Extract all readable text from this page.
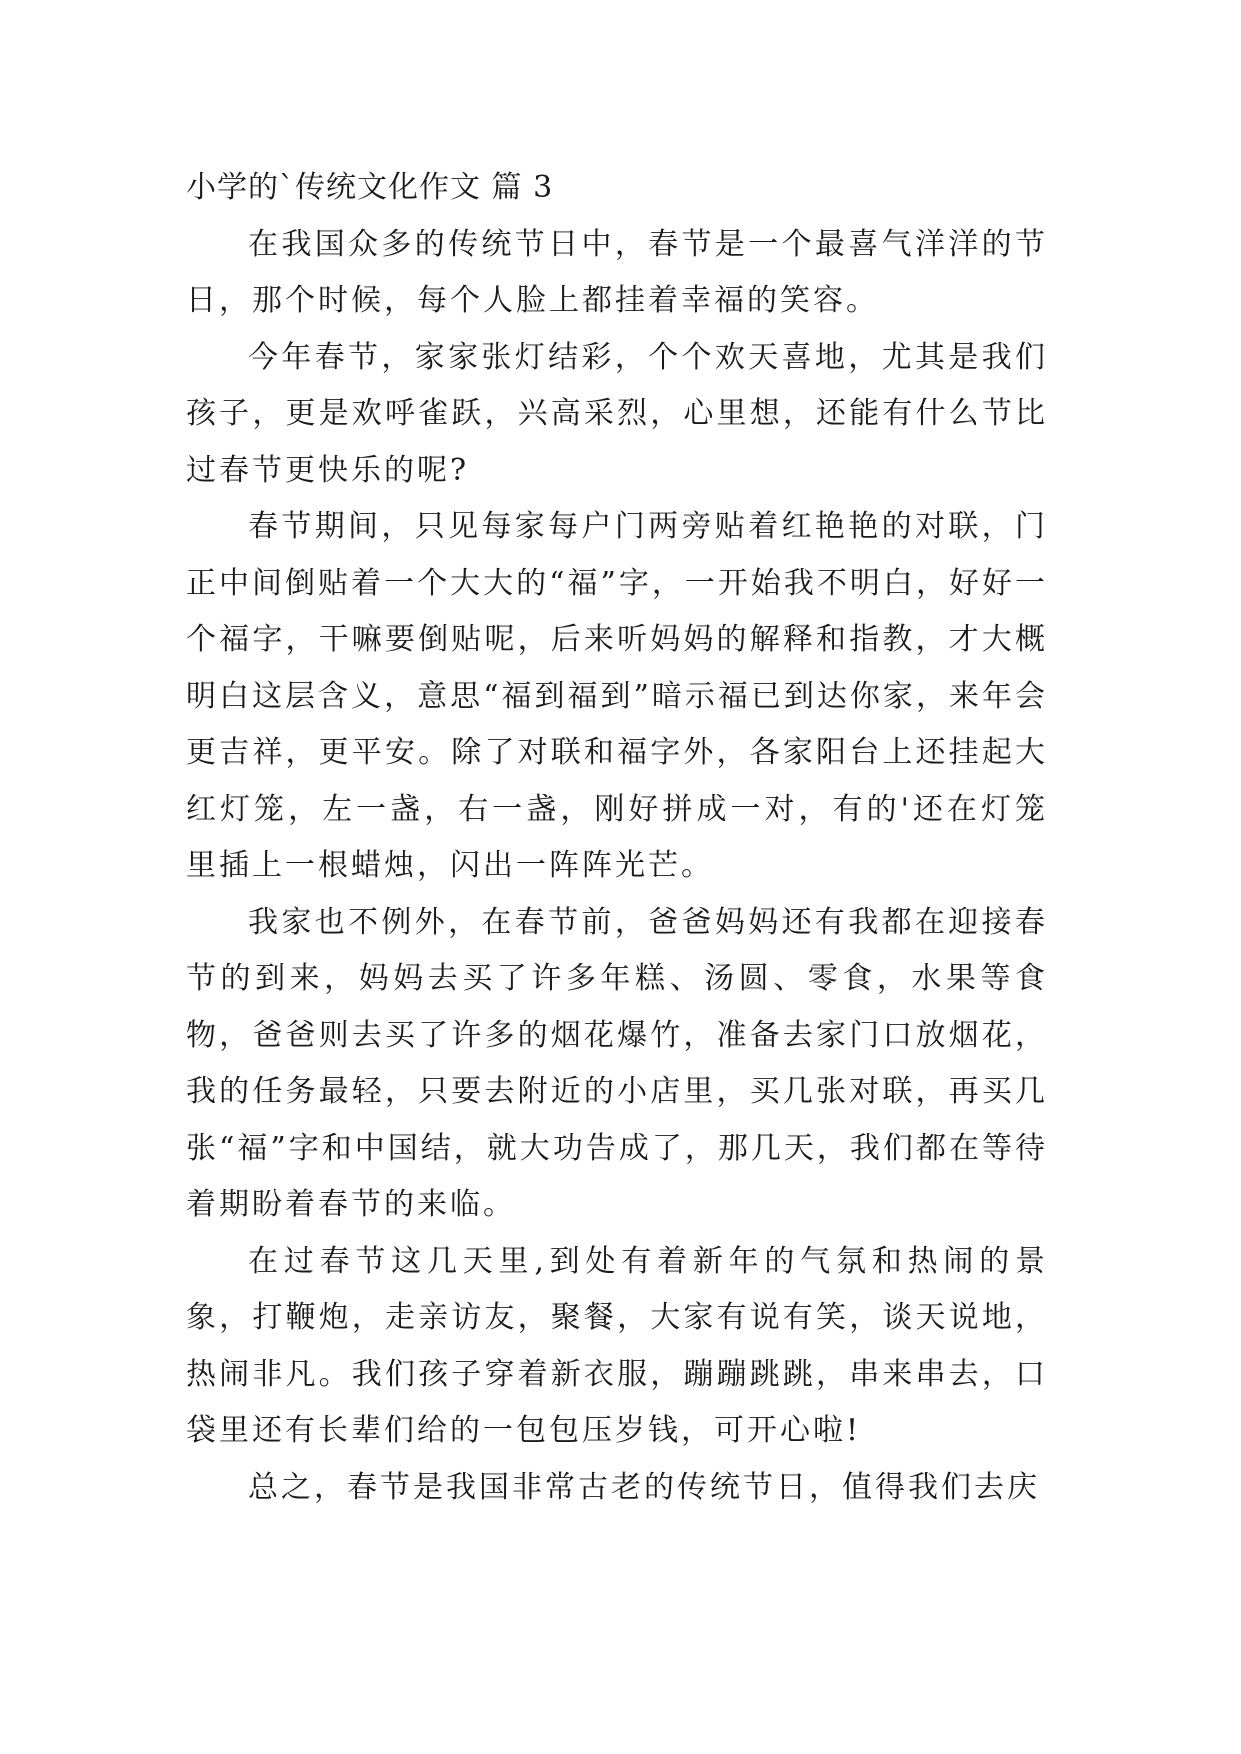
小学的`传统文化作文 篇 3

在我国众多的传统节日中，春节是一个最喜气洋洋的节日，那个时候，每个人脸上都挂着幸福的笑容。

今年春节，家家张灯结彩，个个欢天喜地，尤其是我们孩子，更是欢呼雀跃，兴高采烈，心里想，还能有什么节比过春节更快乐的呢?

春节期间，只见每家每户门两旁贴着红艳艳的对联，门正中间倒贴着一个大大的“福”字，一开始我不明白，好好一个福字，干嘛要倒贴呢，后来听妈妈的解释和指教，才大概明白这层含义，意思“福到福到”暗示福已到达你家，来年会更吉祥，更平安。除了对联和福字外，各家阳台上还挂起大红灯笼，左一盏，右一盏，刚好拼成一对，有的'还在灯笼里插上一根蜡烛，闪出一阵阵光芒。

我家也不例外，在春节前，爸爸妈妈还有我都在迎接春节的到来，妈妈去买了许多年糕、汤圆、零食，水果等食物，爸爸则去买了许多的烟花爆竹，准备去家门口放烟花，我的任务最轻，只要去附近的小店里，买几张对联，再买几张“福”字和中国结，就大功告成了，那几天，我们都在等待着期盼着春节的来临。

在过春节这几天里,到处有着新年的气氛和热闹的景象，打鞭炮，走亲访友，聚餐，大家有说有笑，谈天说地，热闹非凡。我们孩子穿着新衣服，蹦蹦跳跳，串来串去，口袋里还有长辈们给的一包包压岁钱，可开心啦!

总之，春节是我国非常古老的传统节日，值得我们去庆
